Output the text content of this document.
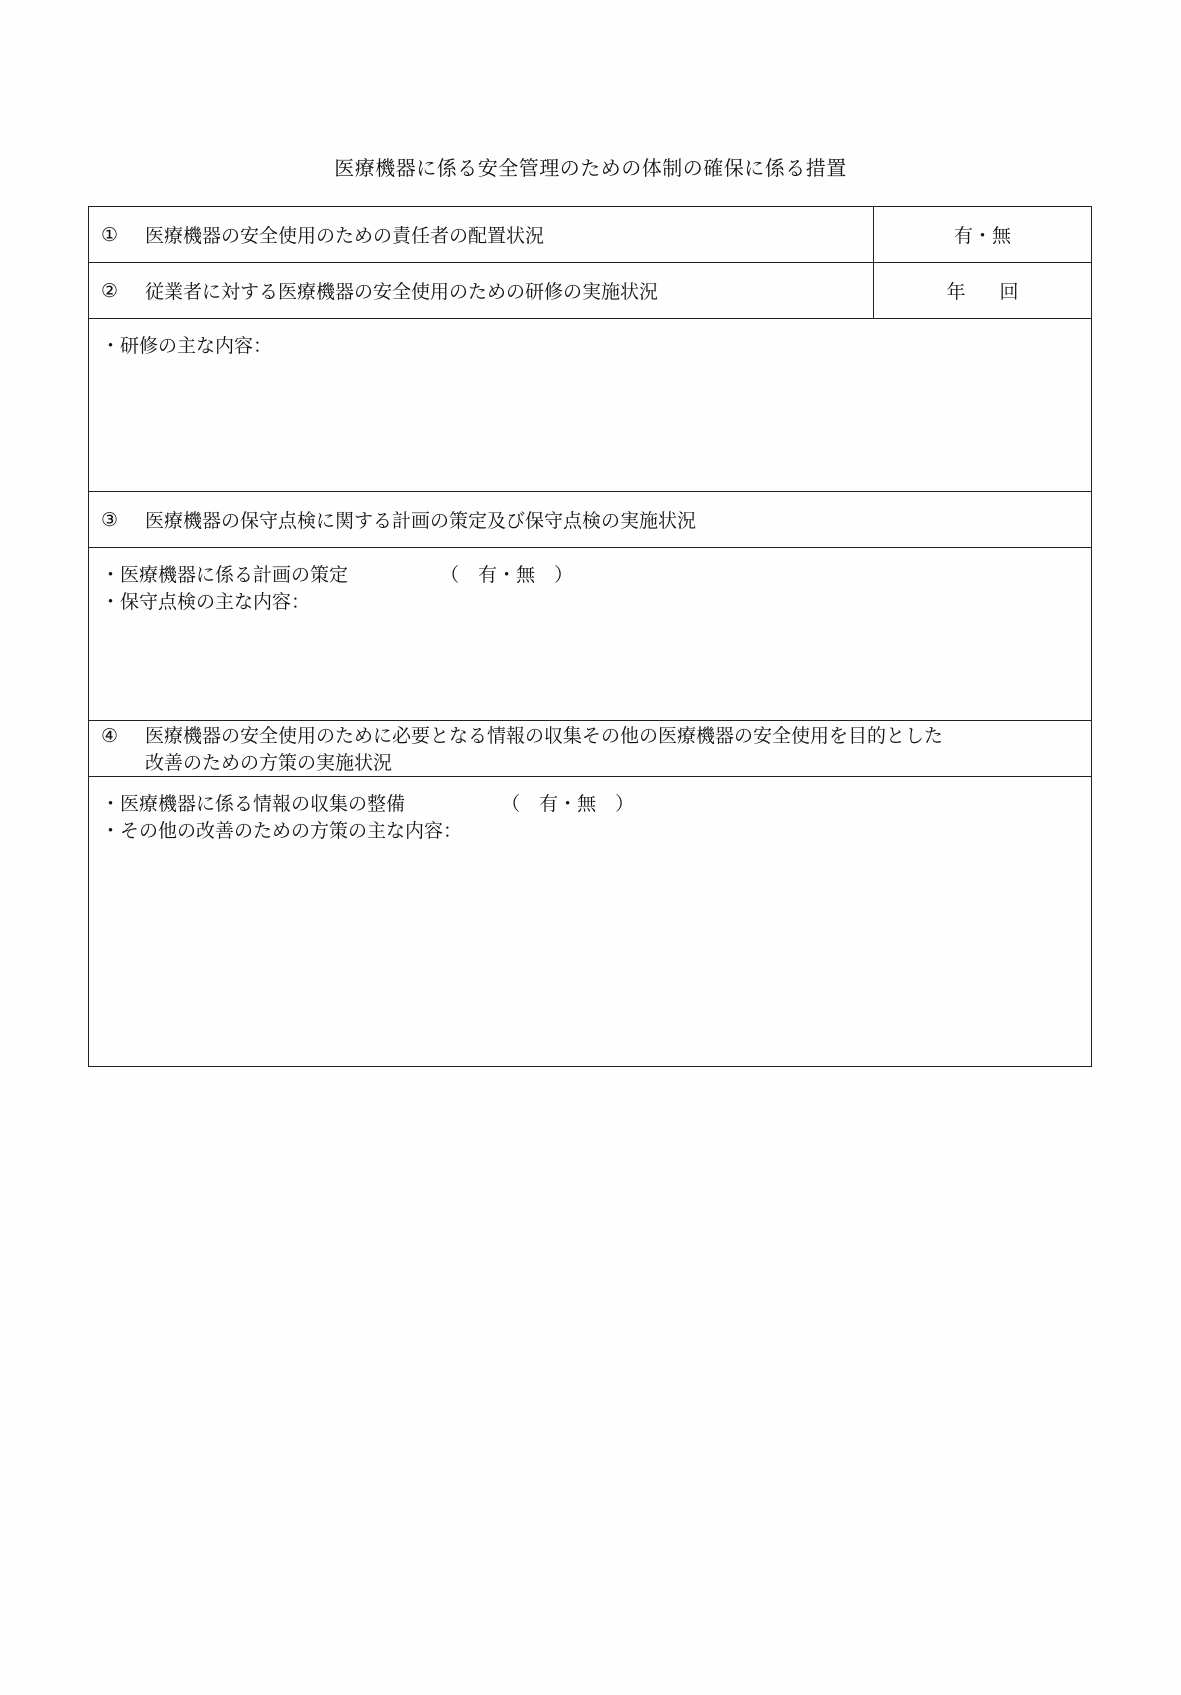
医療機器に係る安全管理のための体制の確保に係る措置
①	医療機器の安全使用のための責任者の配置状況	有・無
②	従業者に対する医療機器の安全使用のための研修の実施状況	年 回
・研修の主な内容：
③	医療機器の保守点検に関する計画の策定及び保守点検の実施状況
・医療機器に係る計画の策定	（　有・無　）
・保守点検の主な内容：
④ 医療機器の安全使用のために必要となる情報の収集その他の医療機器の安全使用を目的とした
改善のための方策の実施状況
・医療機器に係る情報の収集の整備	（　有・無　）
・その他の改善のための方策の主な内容：
